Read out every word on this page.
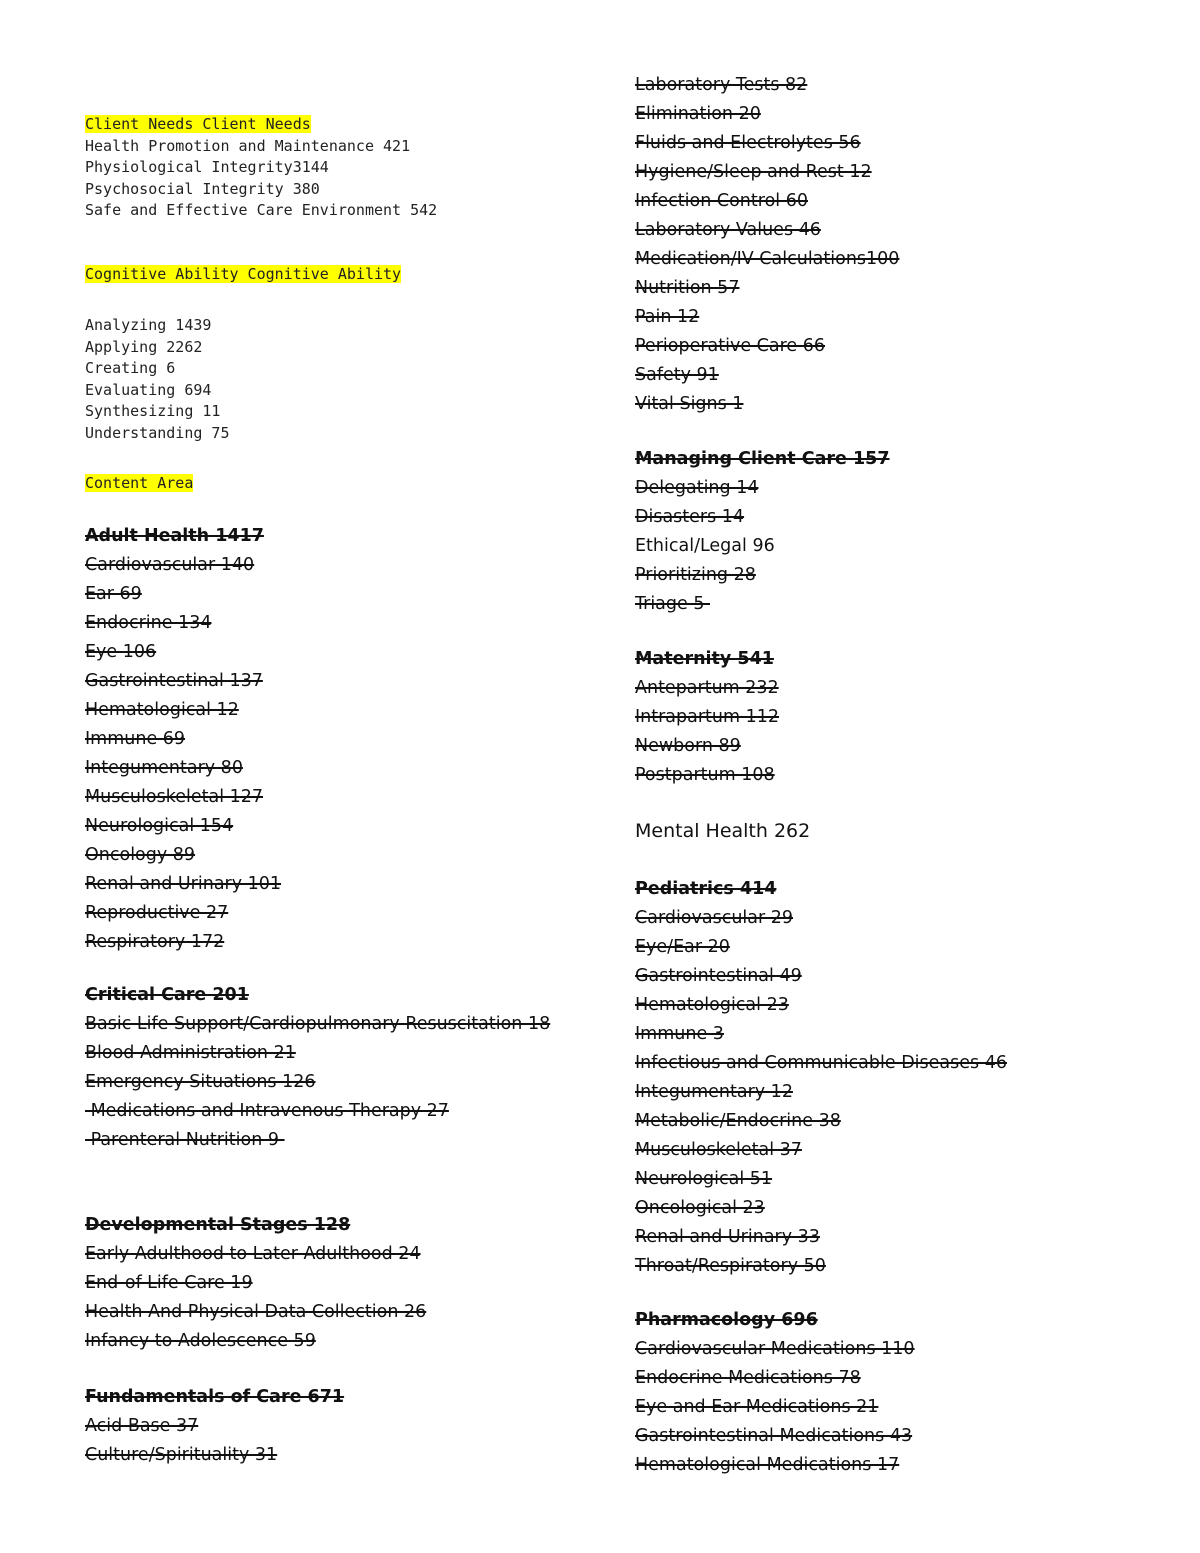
Client Needs Client Needs
Health Promotion and Maintenance 421
Physiological Integrity3144
Psychosocial Integrity 380
Safe and Effective Care Environment 542
Cognitive Ability Cognitive Ability
Analyzing 1439
Applying 2262
Creating 6
Evaluating 694
Synthesizing 11
Understanding 75
Content Area
Adult Health 1417
Cardiovascular 140
Ear 69
Endocrine 134
Eye 106
Gastrointestinal 137
Hematological 12
Immune 69
Integumentary 80
Musculoskeletal 127
Neurological 154
Oncology 89
Renal and Urinary 101
Reproductive 27
Respiratory 172
Critical Care 201
Basic Life Support/Cardiopulmonary Resuscitation 18
Blood Administration 21
Emergency Situations 126
Medications and Intravenous Therapy 27
Parenteral Nutrition 9
Developmental Stages 128
Early Adulthood to Later Adulthood 24
End-of-Life Care 19
Health And Physical Data Collection 26
Infancy to Adolescence 59
Fundamentals of Care 671
Acid Base 37
Culture/Spirituality 31
Laboratory Tests 82
Elimination 20
Fluids and Electrolytes 56
Hygiene/Sleep and Rest 12
Infection Control 60
Laboratory Values 46
Medication/IV Calculations100
Nutrition 57
Pain 12
Perioperative Care 66
Safety 91
Vital Signs 1
Managing Client Care 157
Delegating 14
Disasters 14
Ethical/Legal 96
Prioritizing 28
Triage 5
Maternity 541
Antepartum 232
Intrapartum 112
Newborn 89
Postpartum 108
Mental Health 262
Pediatrics 414
Cardiovascular 29
Eye/Ear 20
Gastrointestinal 49
Hematological 23
Immune 3
Infectious and Communicable Diseases 46
Integumentary 12
Metabolic/Endocrine 38
Musculoskeletal 37
Neurological 51
Oncological 23
Renal and Urinary 33
Throat/Respiratory 50
Pharmacology 696
Cardiovascular Medications 110
Endocrine Medications 78
Eye and Ear Medications 21
Gastrointestinal Medications 43
Hematological Medications 17
